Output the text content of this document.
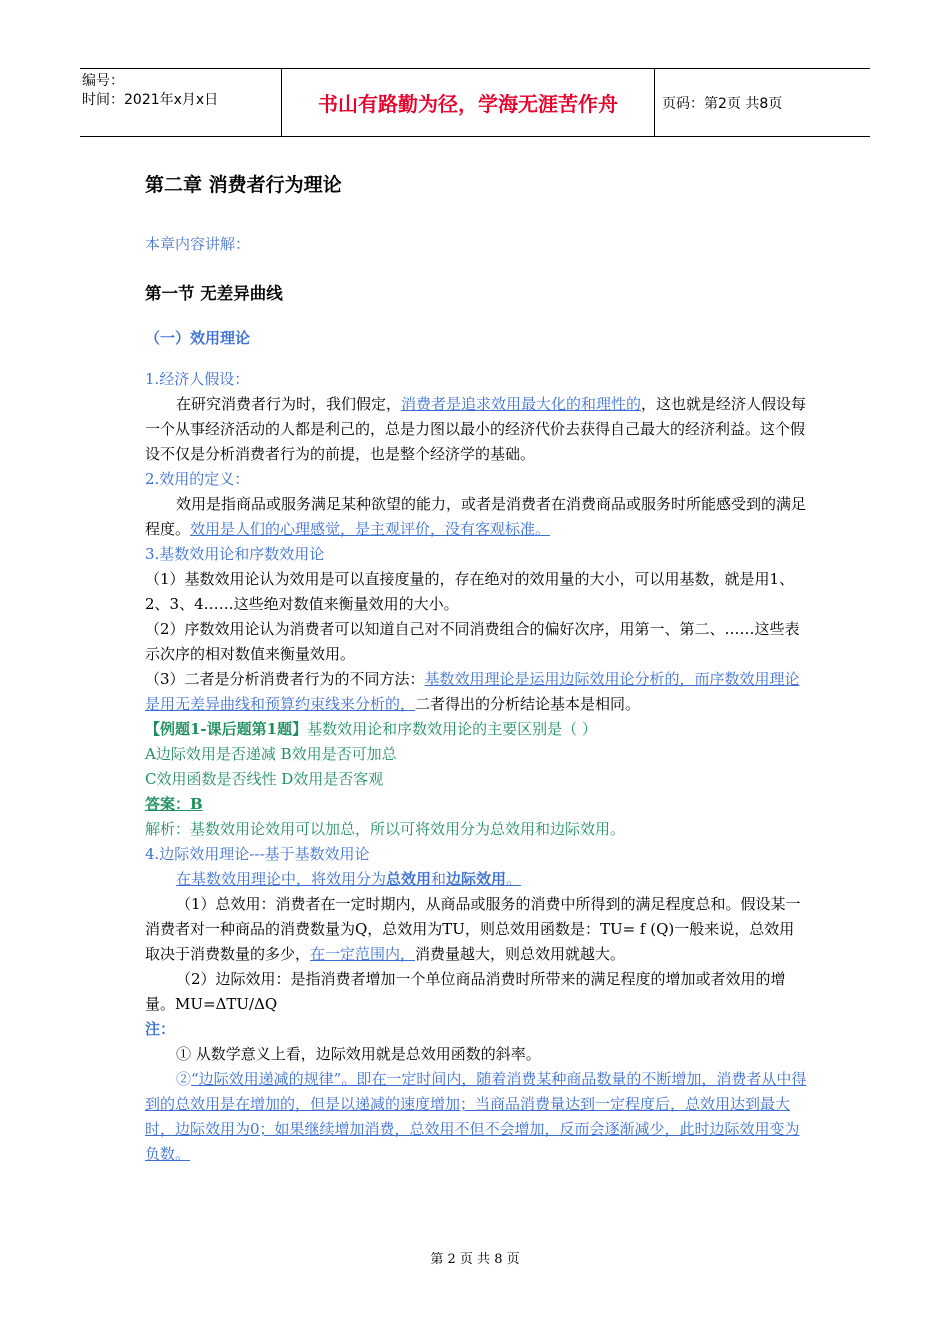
编号：
时间：2021年x月x日	书山有路勤为径，学海无涯苦作舟	页码：第2页 共8页
第二章 消费者行为理论
本章内容讲解：
第一节 无差异曲线
（一）效用理论

1.经济人假设：

在研究消费者行为时，我们假定，消费者是追求效用最大化的和理性的，这也就是经济人假设每一个从事经济活动的人都是利己的，总是力图以最小的经济代价去获得自己最大的经济利益。这个假设不仅是分析消费者行为的前提，也是整个经济学的基础。

2.效用的定义：

效用是指商品或服务满足某种欲望的能力，或者是消费者在消费商品或服务时所能感受到的满足程度。效用是人们的心理感觉，是主观评价，没有客观标准。

3.基数效用论和序数效用论

（1）基数效用论认为效用是可以直接度量的，存在绝对的效用量的大小，可以用基数，就是用1、2、3、4……这些绝对数值来衡量效用的大小。

（2）序数效用论认为消费者可以知道自己对不同消费组合的偏好次序，用第一、第二、……这些表示次序的相对数值来衡量效用。

（3）二者是分析消费者行为的不同方法：基数效用理论是运用边际效用论分析的，而序数效用理论是用无差异曲线和预算约束线来分析的，二者得出的分析结论基本是相同。

【例题1-课后题第1题】基数效用论和序数效用论的主要区别是（ ）

A边际效用是否递减 B效用是否可加总

C效用函数是否线性 D效用是否客观

答案：B

解析：基数效用论效用可以加总，所以可将效用分为总效用和边际效用。

4.边际效用理论---基于基数效用论

在基数效用理论中，将效用分为总效用和边际效用。

（1）总效用：消费者在一定时期内，从商品或服务的消费中所得到的满足程度总和。假设某一消费者对一种商品的消费数量为Q，总效用为TU，则总效用函数是：TU= f (Q)一般来说，总效用取决于消费数量的多少，在一定范围内，消费量越大，则总效用就越大。

（2）边际效用：是指消费者增加一个单位商品消费时所带来的满足程度的增加或者效用的增量。MU=ΔTU/ΔQ

注：

① 从数学意义上看，边际效用就是总效用函数的斜率。

②“边际效用递减的规律”。即在一定时间内，随着消费某种商品数量的不断增加，消费者从中得到的总效用是在增加的，但是以递减的速度增加；当商品消费量达到一定程度后，总效用达到最大时，边际效用为0；如果继续增加消费，总效用不但不会增加，反而会逐渐减少，此时边际效用变为负数。

第 2 页 共 8 页
